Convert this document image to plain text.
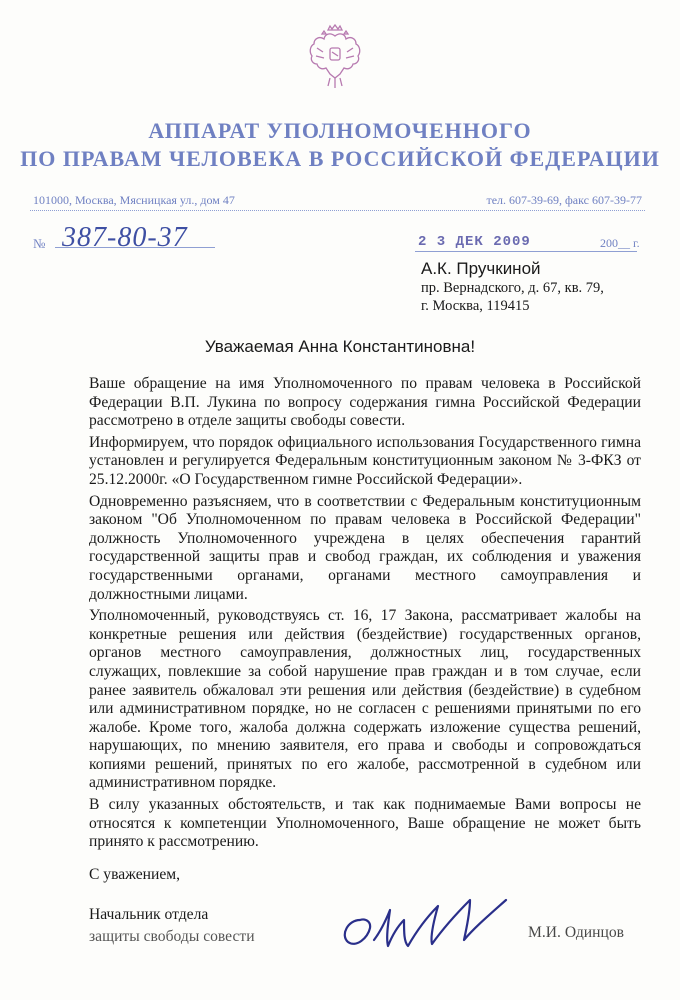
АППАРАТ УПОЛНОМОЧЕННОГО
ПО ПРАВАМ ЧЕЛОВЕКА В РОССИЙСКОЙ ФЕДЕРАЦИИ
101000, Москва, Мясницкая ул., дом 47	тел. 607-39-69, факс 607-39-77
№ 387-80-37	2 3 ДЕК 2009	200__ г.
А.К. Пручкиной
пр. Вернадского, д. 67, кв. 79,
г. Москва, 119415
Уважаемая Анна Константиновна!

Ваше обращение на имя Уполномоченного по правам человека в Российской Федерации В.П. Лукина по вопросу содержания гимна Российской Федерации рассмотрено в отделе защиты свободы совести.

Информируем, что порядок официального использования Государственного гимна установлен и регулируется Федеральным конституционным законом № 3-ФКЗ от 25.12.2000г. «О Государственном гимне Российской Федерации».

Одновременно разъясняем, что в соответствии с Федеральным конституционным законом "Об Уполномоченном по правам человека в Российской Федерации" должность Уполномоченного учреждена в целях обеспечения гарантий государственной защиты прав и свобод граждан, их соблюдения и уважения государственными органами, органами местного самоуправления и должностными лицами.

Уполномоченный, руководствуясь ст. 16, 17 Закона, рассматривает жалобы на конкретные решения или действия (бездействие) государственных органов, органов местного самоуправления, должностных лиц, государственных служащих, повлекшие за собой нарушение прав граждан и в том случае, если ранее заявитель обжаловал эти решения или действия (бездействие) в судебном или административном порядке, но не согласен с решениями принятыми по его жалобе. Кроме того, жалоба должна содержать изложение существа решений, нарушающих, по мнению заявителя, его права и свободы и сопровождаться копиями решений, принятых по его жалобе, рассмотренной в судебном или административном порядке.

В силу указанных обстоятельств, и так как поднимаемые Вами вопросы не относятся к компетенции Уполномоченного, Ваше обращение не может быть принято к рассмотрению.

С уважением,
Начальник отдела
защиты свободы совести	М.И. Одинцов
